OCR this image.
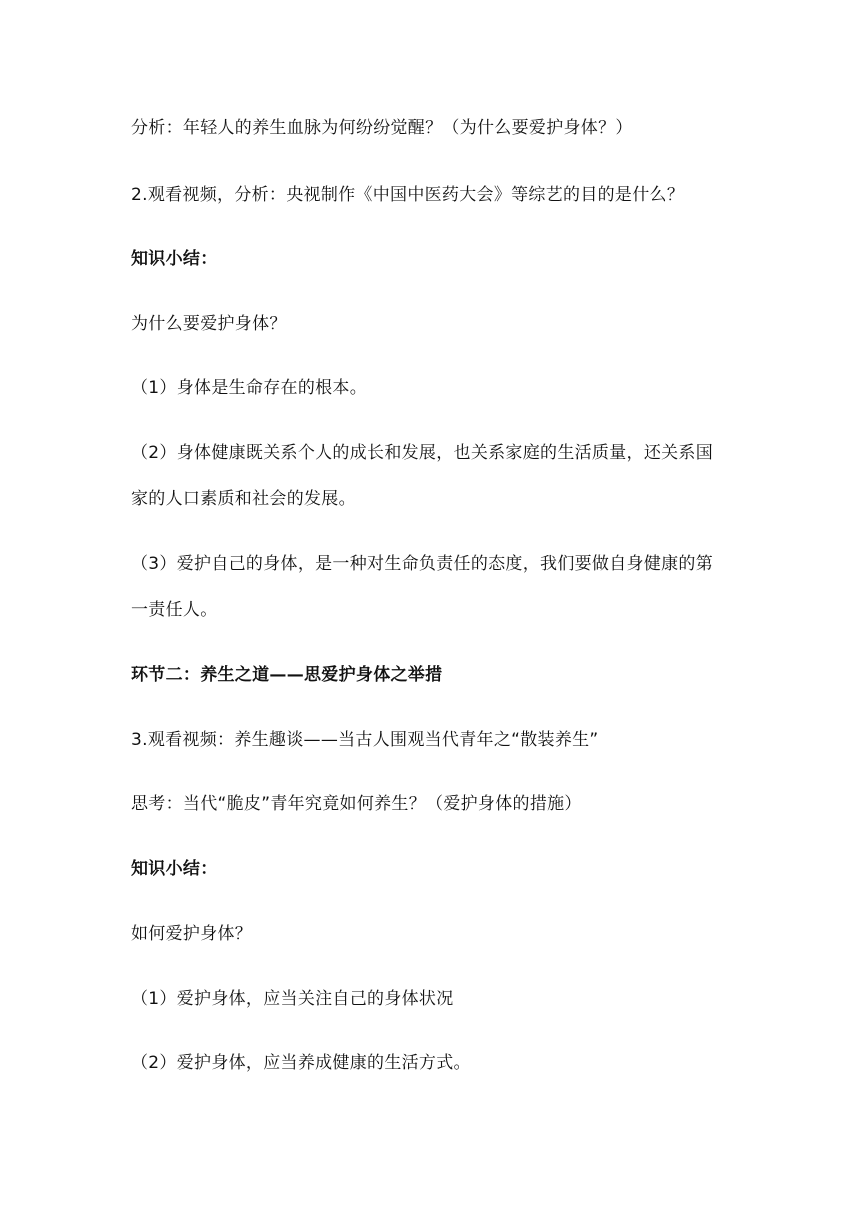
分析：年轻人的养生血脉为何纷纷觉醒？（为什么要爱护身体？）
2.观看视频，分析：央视制作《中国中医药大会》等综艺的目的是什么？
知识小结：
为什么要爱护身体？
（1）身体是生命存在的根本。
（2）身体健康既关系个人的成长和发展，也关系家庭的生活质量，还关系国
家的人口素质和社会的发展。
（3）爱护自己的身体，是一种对生命负责任的态度，我们要做自身健康的第
一责任人。
环节二：养生之道——思爱护身体之举措
3.观看视频：养生趣谈——当古人围观当代青年之“散装养生”
思考：当代“脆皮”青年究竟如何养生？（爱护身体的措施）
知识小结：
如何爱护身体？
（1）爱护身体，应当关注自己的身体状况
（2）爱护身体，应当养成健康的生活方式。
